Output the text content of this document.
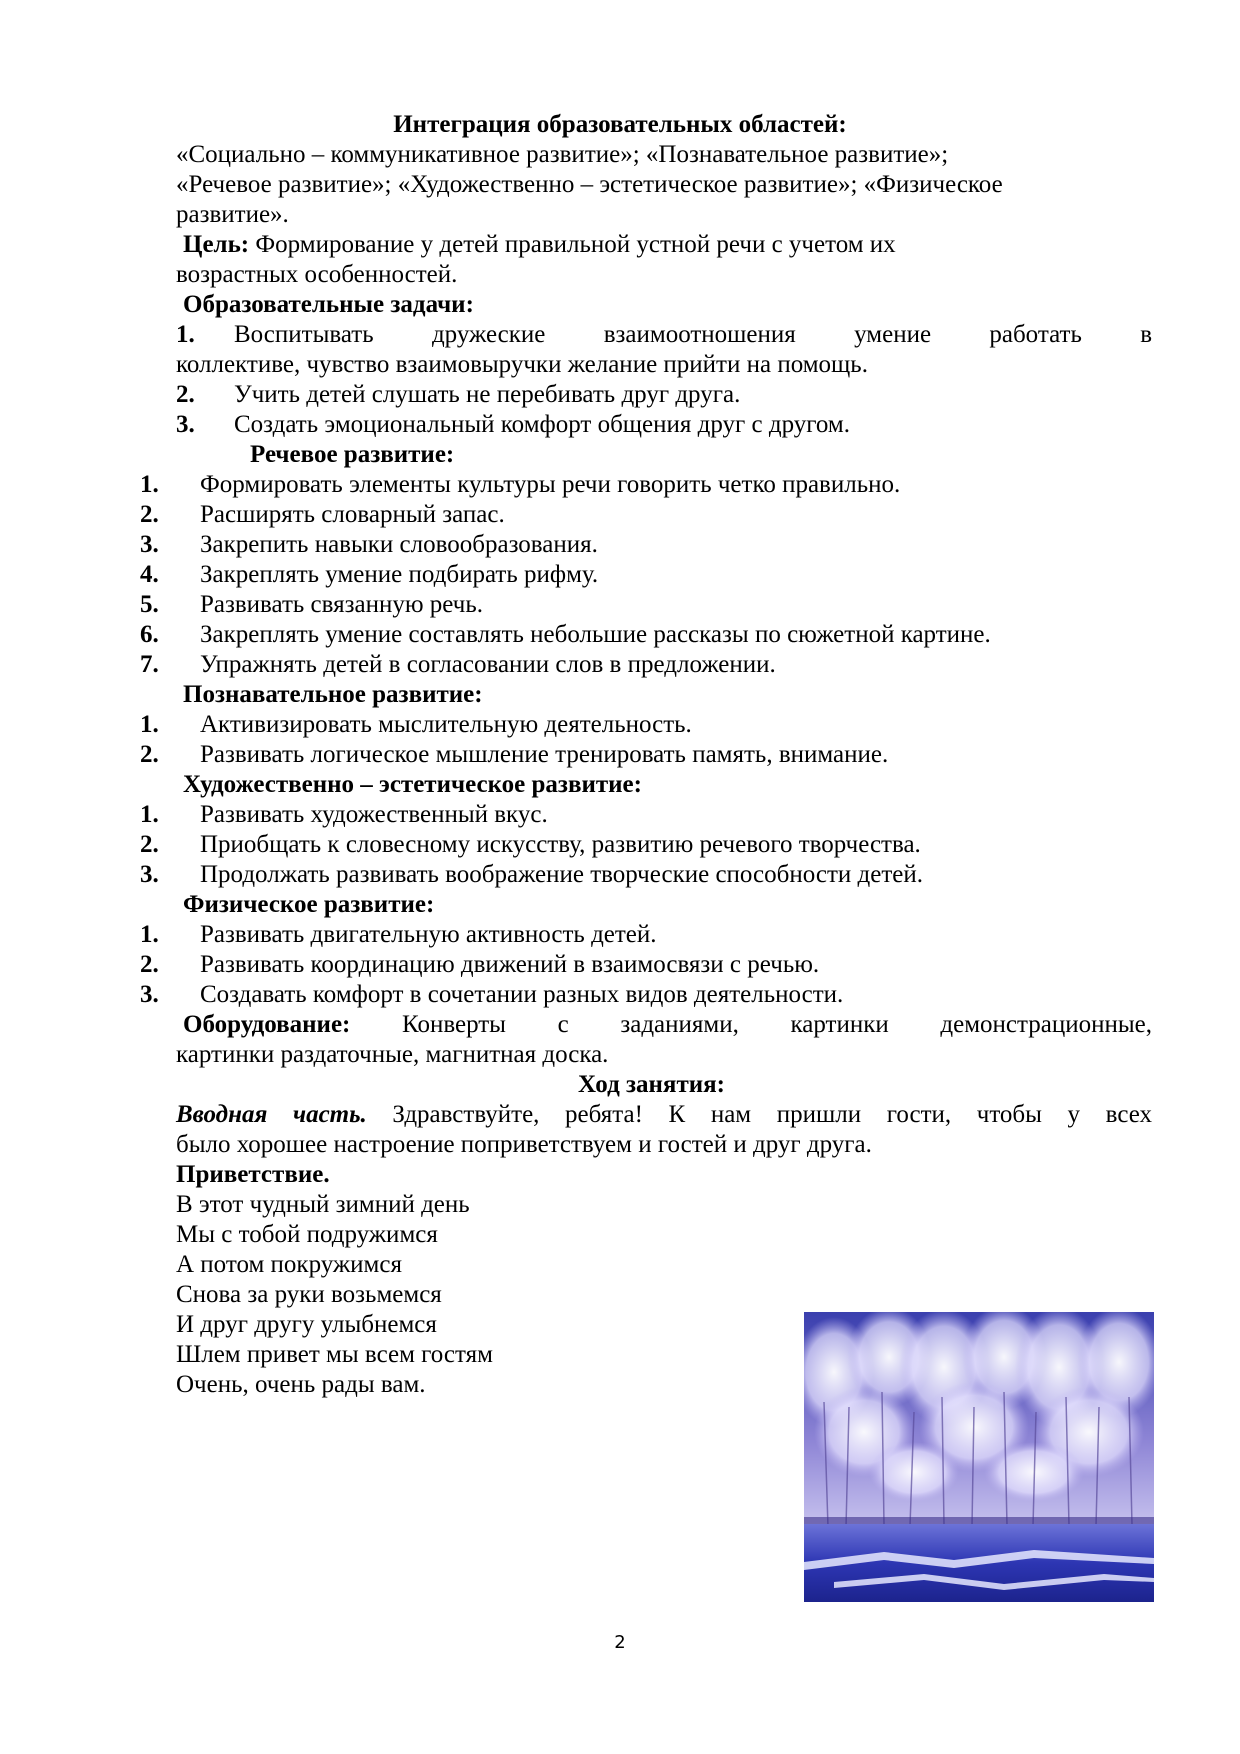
Интеграция образовательных областей:
«Социально – коммуникативное развитие»; «Познавательное развитие»;
«Речевое развитие»; «Художественно – эстетическое развитие»; «Физическое
развитие».
Цель: Формирование у детей правильной устной речи с учетом их
возрастных особенностей.
Образовательные задачи:
1. Воспитывать дружеские взаимоотношения умение работать в
коллективе, чувство взаимовыручки желание прийти на помощь.
2. Учить детей слушать не перебивать друг друга.
3. Создать эмоциональный комфорт общения друг с другом.
Речевое развитие:
1. Формировать элементы культуры речи говорить четко правильно.
2. Расширять словарный запас.
3. Закрепить навыки словообразования.
4. Закреплять умение подбирать рифму.
5. Развивать связанную речь.
6. Закреплять умение составлять небольшие рассказы по сюжетной картине.
7. Упражнять детей в согласовании слов в предложении.
Познавательное развитие:
1. Активизировать мыслительную деятельность.
2. Развивать логическое мышление тренировать память, внимание.
Художественно – эстетическое развитие:
1. Развивать художественный вкус.
2. Приобщать к словесному искусству, развитию речевого творчества.
3. Продолжать развивать воображение творческие способности детей.
Физическое развитие:
1. Развивать двигательную активность детей.
2. Развивать координацию движений в взаимосвязи с речью.
3. Создавать комфорт в сочетании разных видов деятельности.
Оборудование: Конверты с заданиями, картинки демонстрационные,
картинки раздаточные, магнитная доска.
Ход занятия:
Вводная часть. Здравствуйте, ребята! К нам пришли гости, чтобы у всех
было хорошее настроение поприветствуем и гостей и друг друга.
Приветствие.
В этот чудный зимний день
Мы с тобой подружимся
А потом покружимся
Снова за руки возьмемся
И друг другу улыбнемся
Шлем привет мы всем гостям
Очень, очень рады вам.
2
